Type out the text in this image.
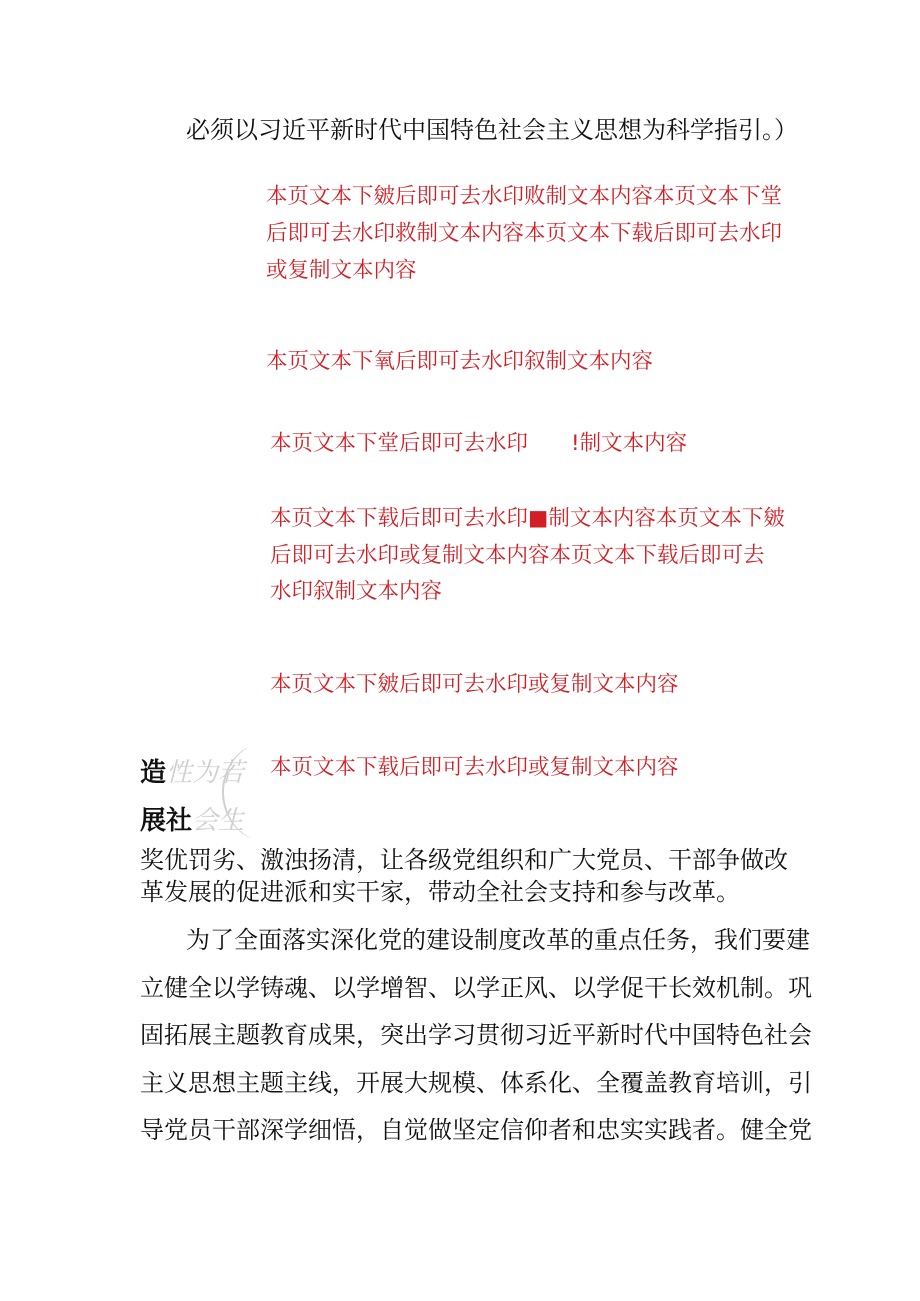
必须以习近平新时代中国特色社会主义思想为科学指引。）

本页文本下皴后即可去水印败制文本内容本页文本下堂

后即可去水印救制文本内容本页文本下载后即可去水印

或复制文本内容

本页文本下氧后即可去水印叙制文本内容

本页文本下堂后即可去水印　　!制文本内容

本页文本下载后即可去水印■制文本内容本页文本下皴

后即可去水印或复制文本内容本页文本下载后即可去

水印叙制文本内容

本页文本下皴后即可去水印或复制文本内容

本页文本下载后即可去水印或复制文本内容

造性为若
展社会生

奖优罚劣、激浊扬清，让各级党组织和广大党员、干部争做改

革发展的促进派和实干家，带动全社会支持和参与改革。

为了全面落实深化党的建设制度改革的重点任务，我们要建

立健全以学铸魂、以学增智、以学正风、以学促干长效机制。巩

固拓展主题教育成果，突出学习贯彻习近平新时代中国特色社会

主义思想主题主线，开展大规模、体系化、全覆盖教育培训，引

导党员干部深学细悟，自觉做坚定信仰者和忠实实践者。健全党
